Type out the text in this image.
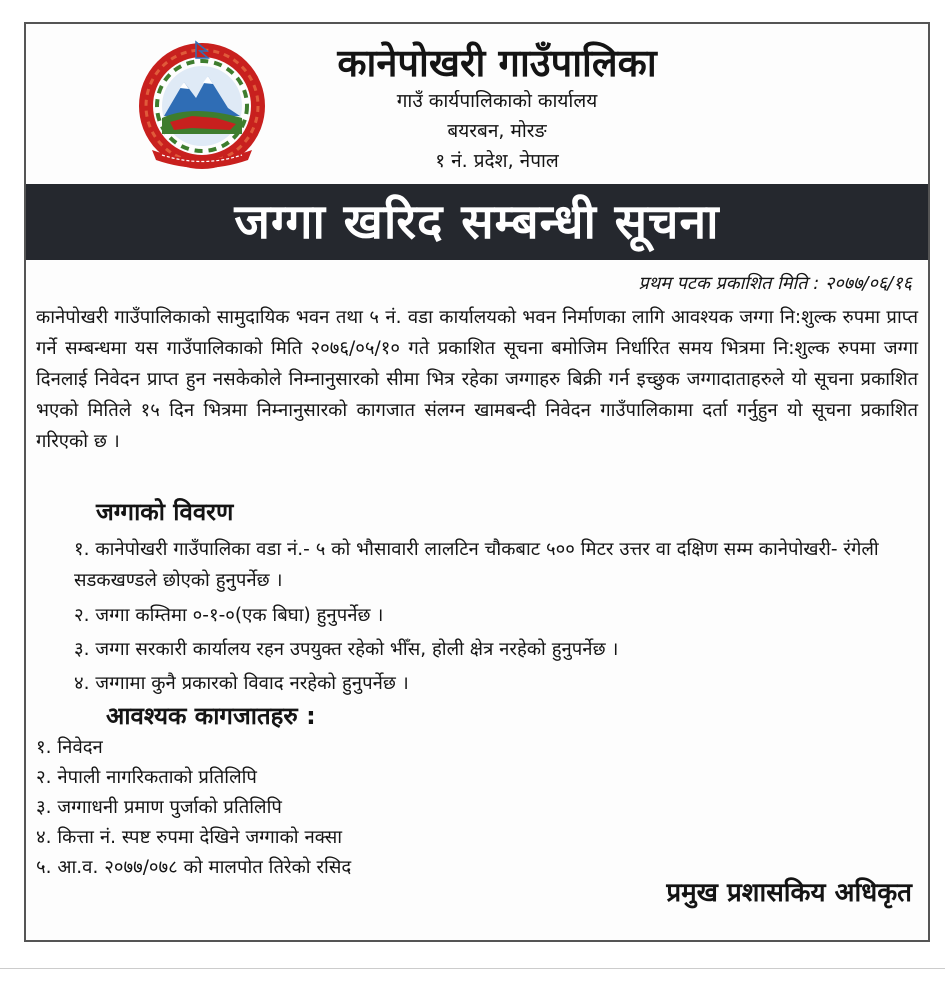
कानेपोखरी गाउँपालिका
गाउँ कार्यपालिकाको कार्यालय
बयरबन, मोरङ
१ नं. प्रदेश, नेपाल
जग्गा खरिद सम्बन्धी सूचना
प्रथम पटक प्रकाशित मिति : २०७७/०६/१६

कानेपोखरी गाउँपालिकाको सामुदायिक भवन तथा ५ नं. वडा कार्यालयको भवन निर्माणका लागि आवश्यक जग्गा नि:शुल्क रुपमा प्राप्त गर्ने सम्बन्धमा यस गाउँपालिकाको मिति २०७६/०५/१० गते प्रकाशित सूचना बमोजिम निर्धारित समय भित्रमा नि:शुल्क रुपमा जग्गा दिनलाई निवेदन प्राप्त हुन नसकेकोले निम्नानुसारको सीमा भित्र रहेका जग्गाहरु बिक्री गर्न इच्छुक जग्गादाताहरुले यो सूचना प्रकाशित भएको मितिले १५ दिन भित्रमा निम्नानुसारको कागजात संलग्न खामबन्दी निवेदन गाउँपालिकामा दर्ता गर्नुहुन यो सूचना प्रकाशित गरिएको छ ।

जग्गाको विवरण

१. कानेपोखरी गाउँपालिका वडा नं.- ५ को भौसावारी लालटिन चौकबाट ५०० मिटर उत्तर वा दक्षिण सम्म कानेपोखरी- रंगेली सडकखण्डले छोएको हुनुपर्नेछ ।

२. जग्गा कम्तिमा ०-१-०(एक बिघा) हुनुपर्नेछ ।

३. जग्गा सरकारी कार्यालय रहन उपयुक्त रहेको भीँस, होली क्षेत्र नरहेको हुनुपर्नेछ ।

४. जग्गामा कुनै प्रकारको विवाद नरहेको हुनुपर्नेछ ।

आवश्यक कागजातहरु :
१. निवेदन
२. नेपाली नागरिकताको प्रतिलिपि
३. जग्गाधनी प्रमाण पुर्जाको प्रतिलिपि
४. कित्ता नं. स्पष्ट रुपमा देखिने जग्गाको नक्सा
५. आ.व. २०७७/०७८ को मालपोत तिरेको रसिद
प्रमुख प्रशासकिय अधिकृत
